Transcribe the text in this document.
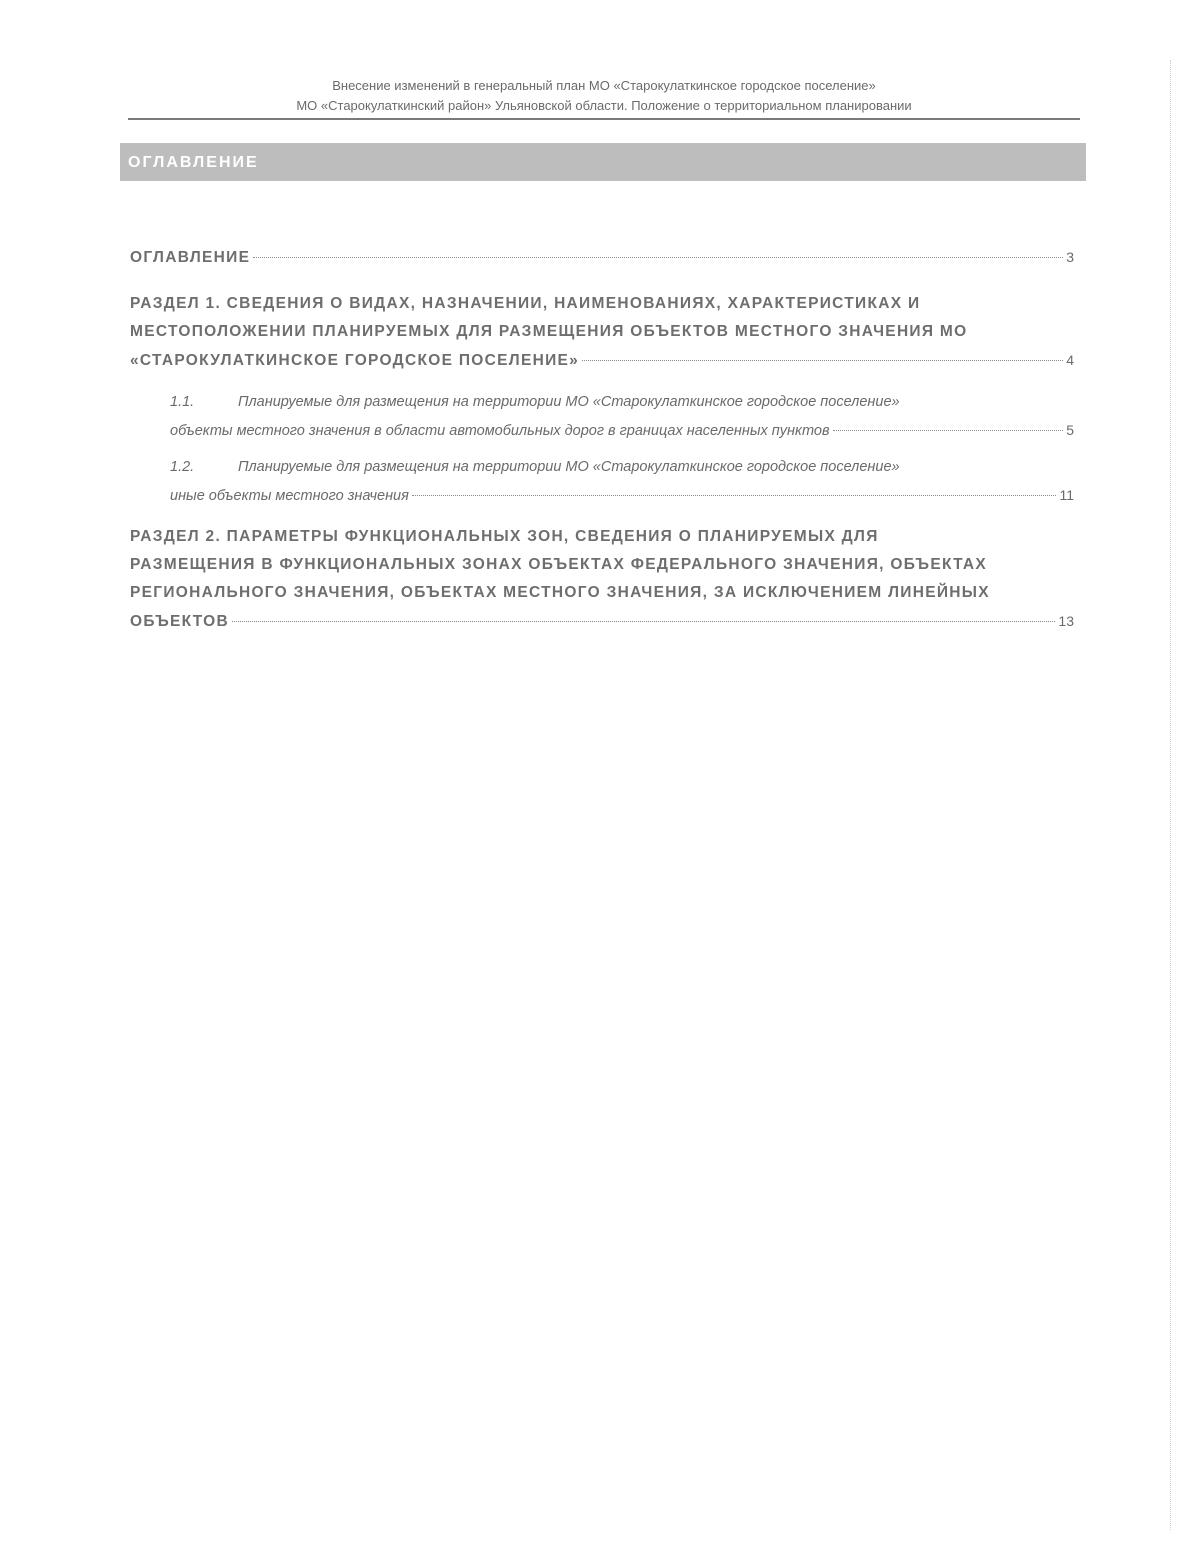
Внесение изменений в генеральный план МО «Старокулаткинское городское поселение»
МО «Старокулаткинский район» Ульяновской области. Положение о территориальном планировании
ОГЛАВЛЕНИЕ
ОГЛАВЛЕНИЕ	3
РАЗДЕЛ 1. СВЕДЕНИЯ О ВИДАХ, НАЗНАЧЕНИИ, НАИМЕНОВАНИЯХ, ХАРАКТЕРИСТИКАХ И
МЕСТОПОЛОЖЕНИИ ПЛАНИРУЕМЫХ ДЛЯ РАЗМЕЩЕНИЯ ОБЪЕКТОВ МЕСТНОГО ЗНАЧЕНИЯ МО
«СТАРОКУЛАТКИНСКОЕ ГОРОДСКОЕ ПОСЕЛЕНИЕ»	4
1.1.	Планируемые для размещения на территории МО «Старокулаткинское городское поселение»
объекты местного значения в области автомобильных дорог в границах населенных пунктов	5
1.2.	Планируемые для размещения на территории МО «Старокулаткинское городское поселение»
иные объекты местного значения	11
РАЗДЕЛ 2. ПАРАМЕТРЫ ФУНКЦИОНАЛЬНЫХ ЗОН, СВЕДЕНИЯ О ПЛАНИРУЕМЫХ ДЛЯ
РАЗМЕЩЕНИЯ В ФУНКЦИОНАЛЬНЫХ ЗОНАХ ОБЪЕКТАХ ФЕДЕРАЛЬНОГО ЗНАЧЕНИЯ, ОБЪЕКТАХ
РЕГИОНАЛЬНОГО ЗНАЧЕНИЯ, ОБЪЕКТАХ МЕСТНОГО ЗНАЧЕНИЯ, ЗА ИСКЛЮЧЕНИЕМ ЛИНЕЙНЫХ
ОБЪЕКТОВ	13
